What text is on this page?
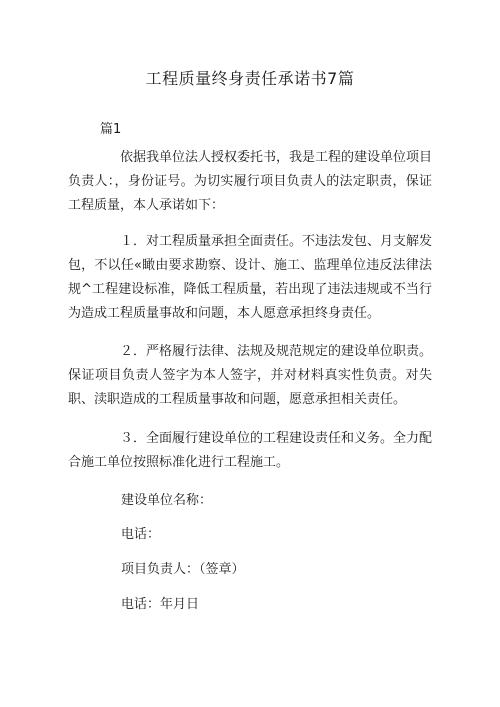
工程质量终身责任承诺书7篇
篇1

依据我单位法人授权委托书，我是工程的建设单位项目负责人：，身份证号。为切实履行项目负责人的法定职责，保证工程质量，本人承诺如下：

１．对工程质量承担全面责任。不违法发包、月支解发包，不以任«瞰由要求勘察、设计、施工、监理单位违反法律法规^工程建设标准，降低工程质量，若出现了违法违规或不当行为造成工程质量事故和问题，本人愿意承担终身责任。

２．严格履行法律、法规及规范规定的建设单位职责。保证项目负责人签字为本人签字，并对材料真实性负责。对失职、渎职造成的工程质量事故和问题，愿意承担相关责任。

３．全面履行建设单位的工程建设责任和义务。全力配合施工单位按照标准化进行工程施工。

建设单位名称：
电话：
项目负责人：（签章）
电话：年月日
